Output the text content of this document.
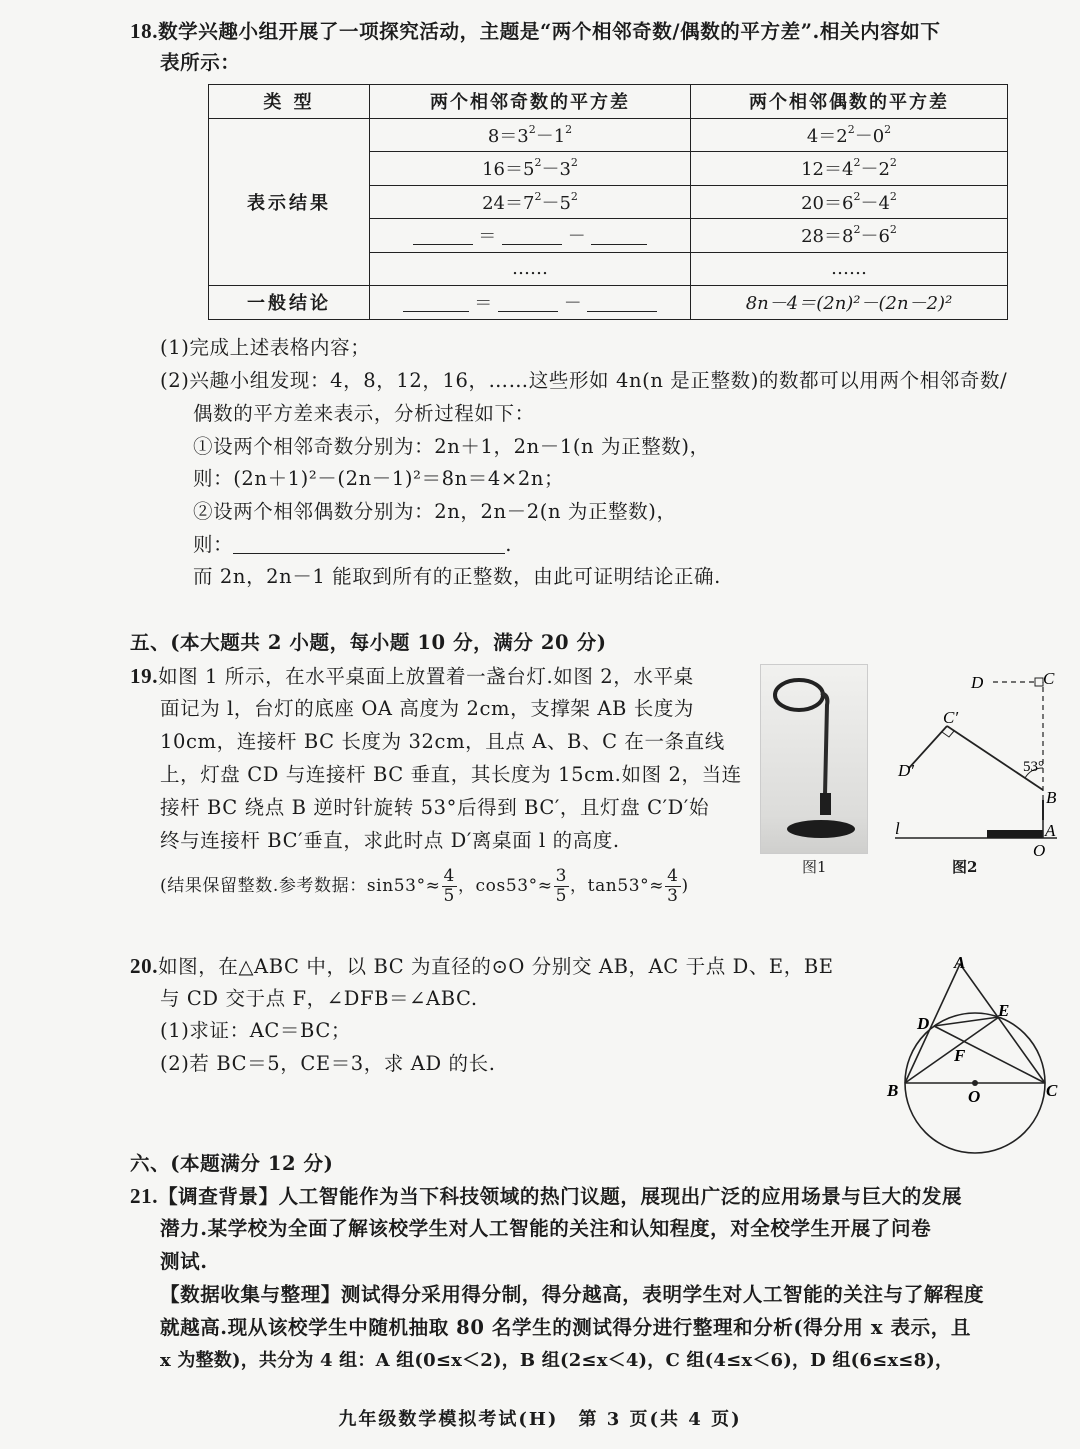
18.数学兴趣小组开展了一项探究活动，主题是“两个相邻奇数/偶数的平方差”.相关内容如下
表所示：
类 型	两个相邻奇数的平方差	两个相邻偶数的平方差
表示结果	$8=3^2-1^2$	$4=2^2-0^2$
	$16=5^2-3^2$	$12=4^2-2^2$
	$24=7^2-5^2$	$20=6^2-4^2$
	＝ －	$28=8^2-6^2$
	……	……
一般结论	＝ －	8n－4＝(2n)²－(2n－2)²
(1)完成上述表格内容；
(2)兴趣小组发现：4，8，12，16，……这些形如 4n(n 是正整数)的数都可以用两个相邻奇数/
偶数的平方差来表示，分析过程如下：
①设两个相邻奇数分别为：2n＋1，2n－1(n 为正整数)，
则：(2n＋1)²－(2n－1)²＝8n＝4×2n；
②设两个相邻偶数分别为：2n，2n－2(n 为正整数)，
则：	.
而 2n，2n－1 能取到所有的正整数，由此可证明结论正确.
五、(本大题共 2 小题，每小题 10 分，满分 20 分)
19.如图 1 所示，在水平桌面上放置着一盏台灯.如图 2，水平桌
面记为 l，台灯的底座 OA 高度为 2cm，支撑架 AB 长度为
10cm，连接杆 BC 长度为 32cm，且点 A、B、C 在一条直线
上，灯盘 CD 与连接杆 BC 垂直，其长度为 15cm.如图 2，当连
接杆 BC 绕点 B 逆时针旋转 53°后得到 BC′，且灯盘 C′D′始
终与连接杆 BC′垂直，求此时点 D′离桌面 l 的高度.
(结果保留整数.参考数据：$\sin 53^\circ\approx \frac{4}{5}$ ，$\cos 53^\circ\approx \frac{3}{5}$ ，$\tan 53^\circ\approx \frac{4}{3}$ )
图1
D	C
C′
D′	53°
B
A
O
l
图2
20.如图，在△ABC 中，以 BC 为直径的⊙O 分别交 AB，AC 于点 D、E，BE
与 CD 交于点 F，∠DFB＝∠ABC.
(1)求证：AC＝BC；
(2)若 BC＝5，CE＝3，求 AD 的长.
A
B	C
D
E
F
O
六、(本题满分 12 分)
21.【调查背景】人工智能作为当下科技领域的热门议题，展现出广泛的应用场景与巨大的发展
潜力.某学校为全面了解该校学生对人工智能的关注和认知程度，对全校学生开展了问卷
测试.
【数据收集与整理】测试得分采用得分制，得分越高，表明学生对人工智能的关注与了解程度
就越高.现从该校学生中随机抽取 80 名学生的测试得分进行整理和分析(得分用 x 表示，且
x 为整数)，共分为 4 组：A 组(0≤x＜2)，B 组(2≤x＜4)，C 组(4≤x＜6)，D 组(6≤x≤8)，
九年级数学模拟考试(H)　第 3 页(共 4 页)
